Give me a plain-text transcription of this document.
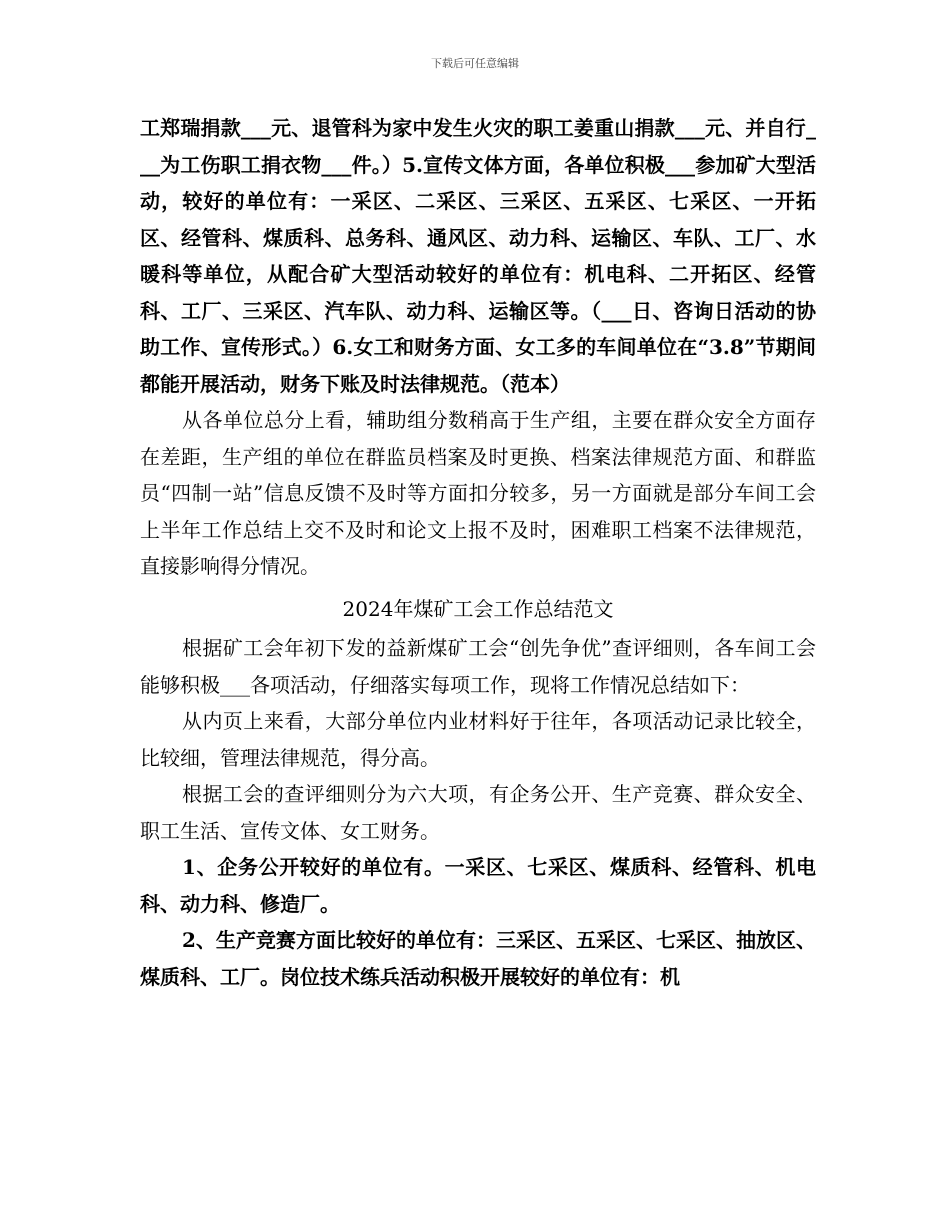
下载后可任意编辑

工郑瑞捐款___元、退管科为家中发生火灾的职工姜重山捐款___元、并自行___为工伤职工捐衣物___件。）5.宣传文体方面，各单位积极___参加矿大型活动，较好的单位有：一采区、二采区、三采区、五采区、七采区、一开拓区、经管科、煤质科、总务科、通风区、动力科、运输区、车队、工厂、水暖科等单位，从配合矿大型活动较好的单位有：机电科、二开拓区、经管科、工厂、三采区、汽车队、动力科、运输区等。（___日、咨询日活动的协助工作、宣传形式。）6.女工和财务方面、女工多的车间单位在“3.8”节期间都能开展活动，财务下账及时法律规范。（范本）

从各单位总分上看，辅助组分数稍高于生产组，主要在群众安全方面存在差距，生产组的单位在群监员档案及时更换、档案法律规范方面、和群监员“四制一站”信息反馈不及时等方面扣分较多，另一方面就是部分车间工会上半年工作总结上交不及时和论文上报不及时，困难职工档案不法律规范，直接影响得分情况。

2024年煤矿工会工作总结范文

根据矿工会年初下发的益新煤矿工会“创先争优”查评细则，各车间工会能够积极___各项活动，仔细落实每项工作，现将工作情况总结如下：

从内页上来看，大部分单位内业材料好于往年，各项活动记录比较全，比较细，管理法律规范，得分高。

根据工会的查评细则分为六大项，有企务公开、生产竞赛、群众安全、职工生活、宣传文体、女工财务。

1、企务公开较好的单位有。一采区、七采区、煤质科、经管科、机电科、动力科、修造厂。

2、生产竞赛方面比较好的单位有：三采区、五采区、七采区、抽放区、煤质科、工厂。岗位技术练兵活动积极开展较好的单位有：机
